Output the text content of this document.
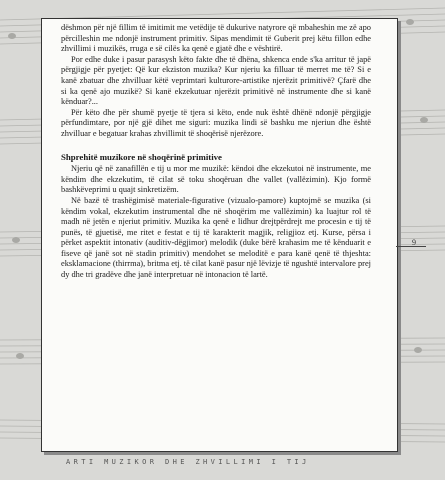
dëshmon për një fillim të imitimit me vetëdije të dukurive natyrore që mbaheshin me zë apo përcilleshin me ndonjë instrument primitiv. Sipas mendimit të Guberit prej këtu fillon edhe zhvillimi i muzikës, rruga e së cilës ka qenë e gjatë dhe e vështirë.

Por edhe duke i pasur parasysh këto fakte dhe të dhëna, shkenca ende s'ka arritur të japë përgjigje për pyetjet: Që kur ekziston muzika? Kur njeriu ka filluar të merret me të? Si e kanë zbatuar dhe zhvilluar këtë veprimtari kulturore-artistike njerëzit primitivë? Çfarë dhe si ka qenë ajo muzikë? Si kanë ekzekutuar njerëzit primitivë në instrumente dhe si kanë kënduar?...

Për këto dhe për shumë pyetje të tjera si këto, ende nuk është dhënë ndonjë përgjigje përfundimtare, por një gjë dihet me siguri: muzika lindi së bashku me njeriun dhe është zhvilluar e begatuar krahas zhvillimit të shoqërisë njerëzore.

Shprehitë muzikore në shoqërinë primitive

Njeriu që në zanafillën e tij u mor me muzikë: këndoi dhe ekzekutoi në instrumente, me këndim dhe ekzekutim, të cilat së toku shoqëruan dhe vallet (vallëzimin). Kjo formë bashkëveprimi u quajt sinkretizëm.

Në bazë të trashëgimisë materiale-figurative (vizualo-pamore) kuptojmë se muzika (si këndim vokal, ekzekutim instrumental dhe në shoqërim me vallëzimin) ka luajtur rol të madh në jetën e njeriut primitiv. Muzika ka qenë e lidhur drejtpërdrejt me procesin e tij të punës, të gjuetisë, me ritet e festat e tij të karakterit magjik, religjioz etj. Kurse, përsa i përket aspektit intonativ (auditiv-dëgjimor) melodik (duke bërë krahasim me të kënduarit e fiseve që janë sot në stadin primitiv) mendohet se meloditë e para kanë qenë të thjeshta: eksklamacione (thirrma), britma etj. të cilat kanë pasur një lëvizje të ngushtë intervalore prej dy dhe tri gradëve dhe janë interpretuar në intonacion të lartë.

9
ARTI MUZIKOR DHE ZHVILLIMI I TIJ
